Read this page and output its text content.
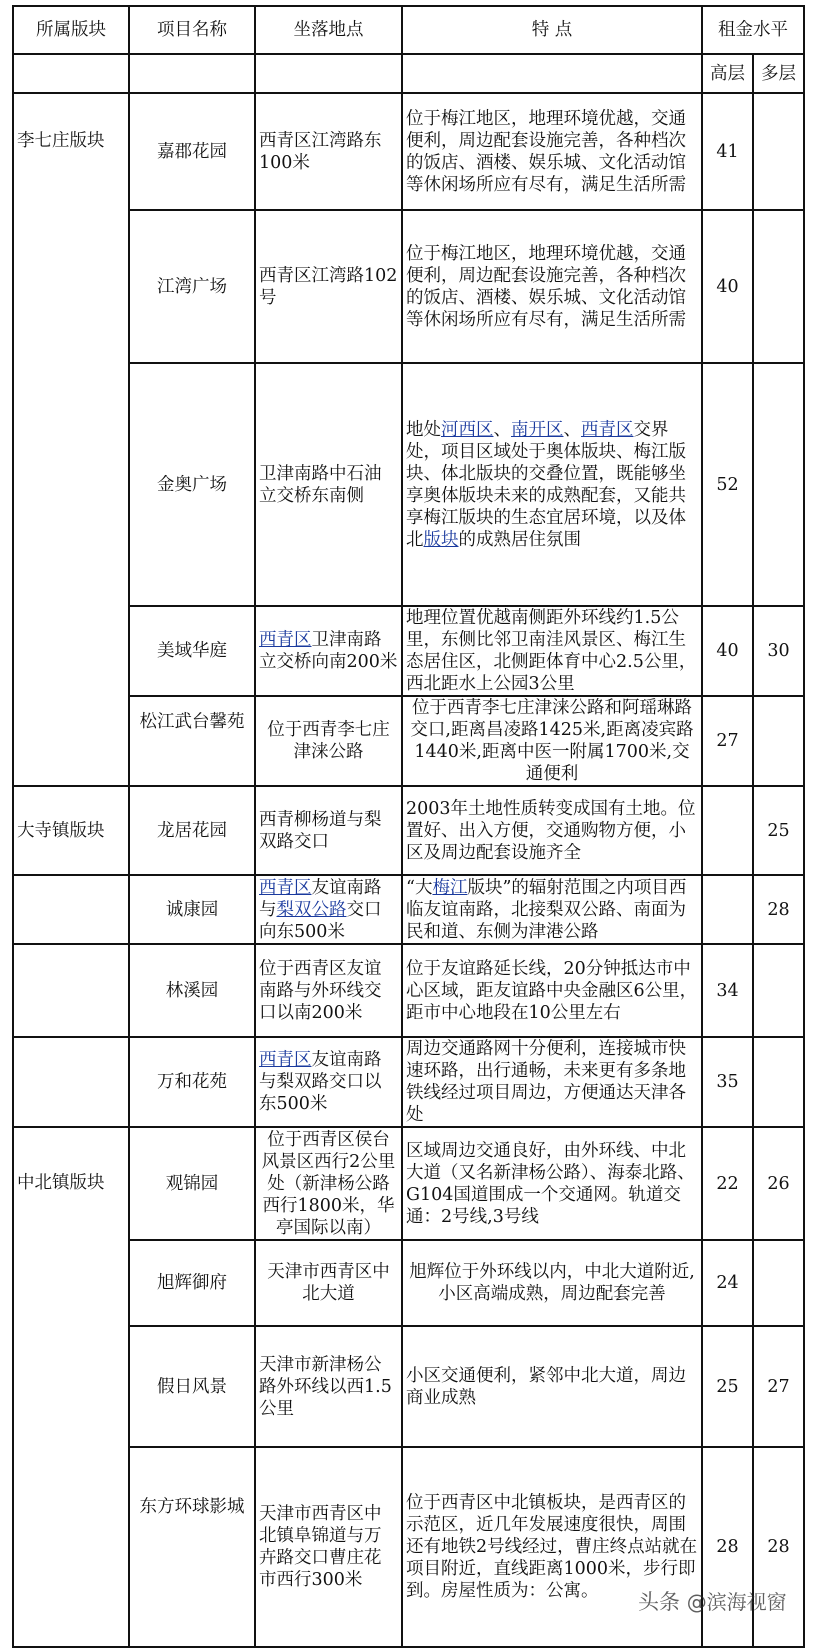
所属版块	项目名称	坐落地点	特 点	租金水平	
				高层	多层
李七庄版块	嘉郡花园	西青区江湾路东100米	位于梅江地区，地理环境优越，交通便利，周边配套设施完善，各种档次的饭店、酒楼、娱乐城、文化活动馆等休闲场所应有尽有，满足生活所需	41	
	江湾广场	西青区江湾路102号	位于梅江地区，地理环境优越，交通便利，周边配套设施完善，各种档次的饭店、酒楼、娱乐城、文化活动馆等休闲场所应有尽有，满足生活所需	40	
	金奥广场	卫津南路中石油立交桥东南侧	地处河西区、南开区、西青区交界处，项目区域处于奥体版块、梅江版块、体北版块的交叠位置，既能够坐享奥体版块未来的成熟配套，又能共享梅江版块的生态宜居环境，以及体北版块的成熟居住氛围	52	
	美域华庭	西青区卫津南路立交桥向南200米	地理位置优越南侧距外环线约1.5公里，东侧比邻卫南洼风景区、梅江生态居住区，北侧距体育中心2.5公里，西北距水上公园3公里	40	30
	松江武台馨苑	位于西青李七庄津涞公路	位于西青李七庄津涞公路和阿瑶琳路交口,距离昌凌路1425米,距离凌宾路1440米,距离中医一附属1700米,交通便利	27	
大寺镇版块	龙居花园	西青柳杨道与梨双路交口	2003年土地性质转变成国有土地。位置好、出入方便，交通购物方便，小区及周边配套设施齐全		25
	诚康园	西青区友谊南路与梨双公路交口向东500米	“大梅江版块”的辐射范围之内项目西临友谊南路，北接梨双公路、南面为民和道、东侧为津港公路		28
	林溪园	位于西青区友谊南路与外环线交口以南200米	位于友谊路延长线，20分钟抵达市中心区域，距友谊路中央金融区6公里，距市中心地段在10公里左右	34	
	万和花苑	西青区友谊南路与梨双路交口以东500米	周边交通路网十分便利，连接城市快速环路，出行通畅，未来更有多条地铁线经过项目周边，方便通达天津各处	35	
中北镇版块	观锦园	位于西青区侯台风景区西行2公里处（新津杨公路西行1800米，华亭国际以南）	区域周边交通良好，由外环线、中北大道（又名新津杨公路）、海泰北路、G104国道围成一个交通网。轨道交通：2号线,3号线	22	26
	旭辉御府	天津市西青区中北大道	旭辉位于外环线以内，中北大道附近,小区高端成熟，周边配套完善	24	
	假日风景	天津市新津杨公路外环线以西1.5公里	小区交通便利，紧邻中北大道，周边商业成熟	25	27
	东方环球影城	天津市西青区中北镇阜锦道与万卉路交口曹庄花市西行300米	位于西青区中北镇板块，是西青区的示范区，近几年发展速度很快，周围还有地铁2号线经过，曹庄终点站就在项目附近，直线距离1000米，步行即到。房屋性质为：公寓。	28	28
头条 @滨海视窗
